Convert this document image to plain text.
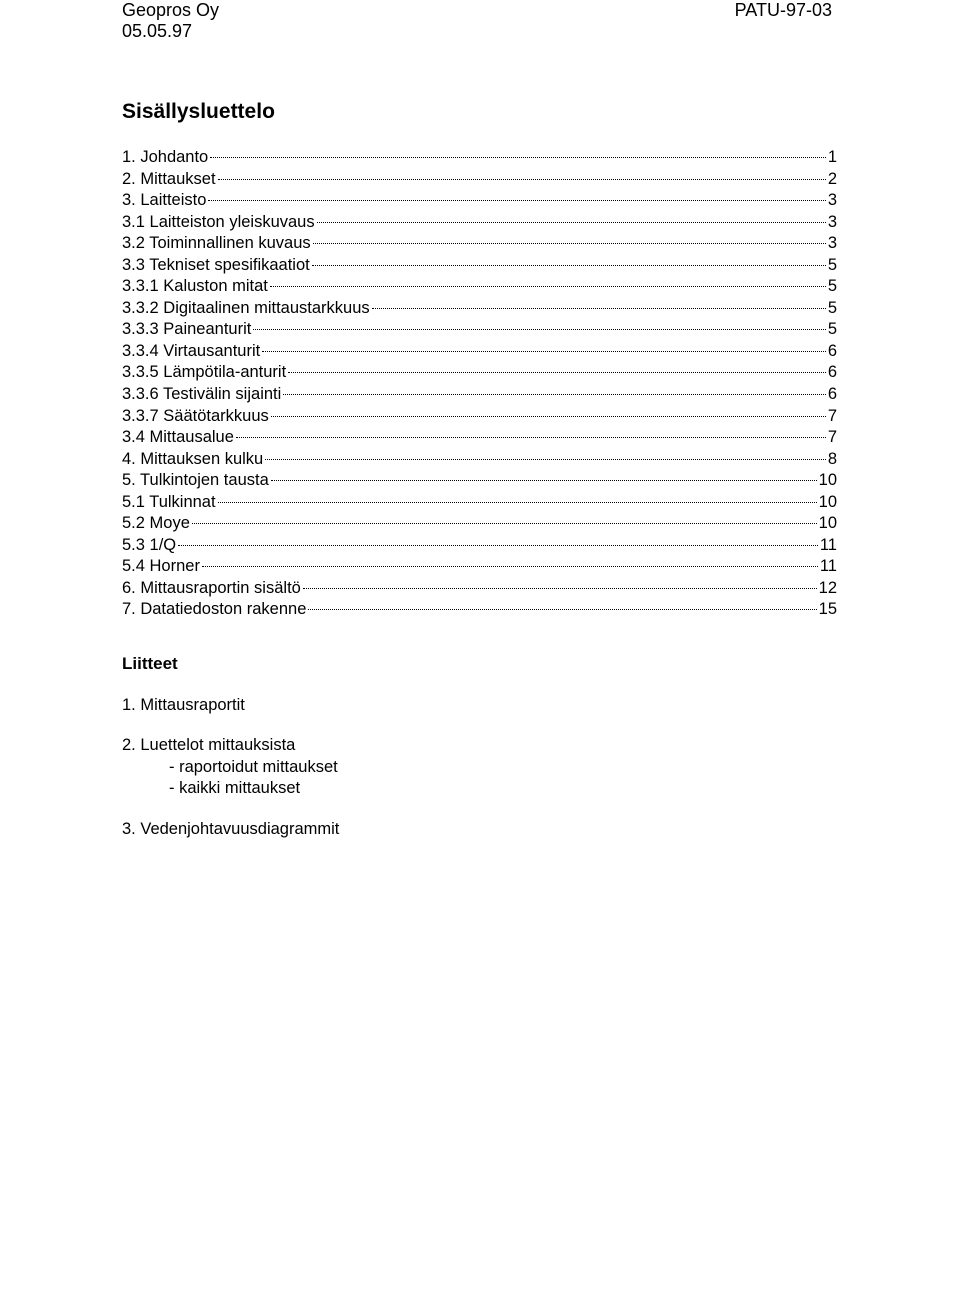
Geopros Oy
05.05.97
PATU-97-03
Sisällysluettelo
1. Johdanto	1
2. Mittaukset	2
3. Laitteisto	3
3.1 Laitteiston yleiskuvaus	3
3.2 Toiminnallinen kuvaus	3
3.3 Tekniset spesifikaatiot	5
3.3.1 Kaluston mitat	5
3.3.2 Digitaalinen mittaustarkkuus	5
3.3.3 Paineanturit	5
3.3.4 Virtausanturit	6
3.3.5 Lämpötila-anturit	6
3.3.6 Testivälin sijainti	6
3.3.7 Säätötarkkuus	7
3.4 Mittausalue	7
4. Mittauksen kulku	8
5. Tulkintojen tausta	10
5.1 Tulkinnat	10
5.2 Moye	10
5.3 1/Q	11
5.4 Horner	11
6. Mittausraportin sisältö	12
7. Datatiedoston rakenne	15
Liitteet
1. Mittausraportit
2. Luettelot mittauksista
- raportoidut mittaukset
- kaikki mittaukset
3. Vedenjohtavuusdiagrammit
